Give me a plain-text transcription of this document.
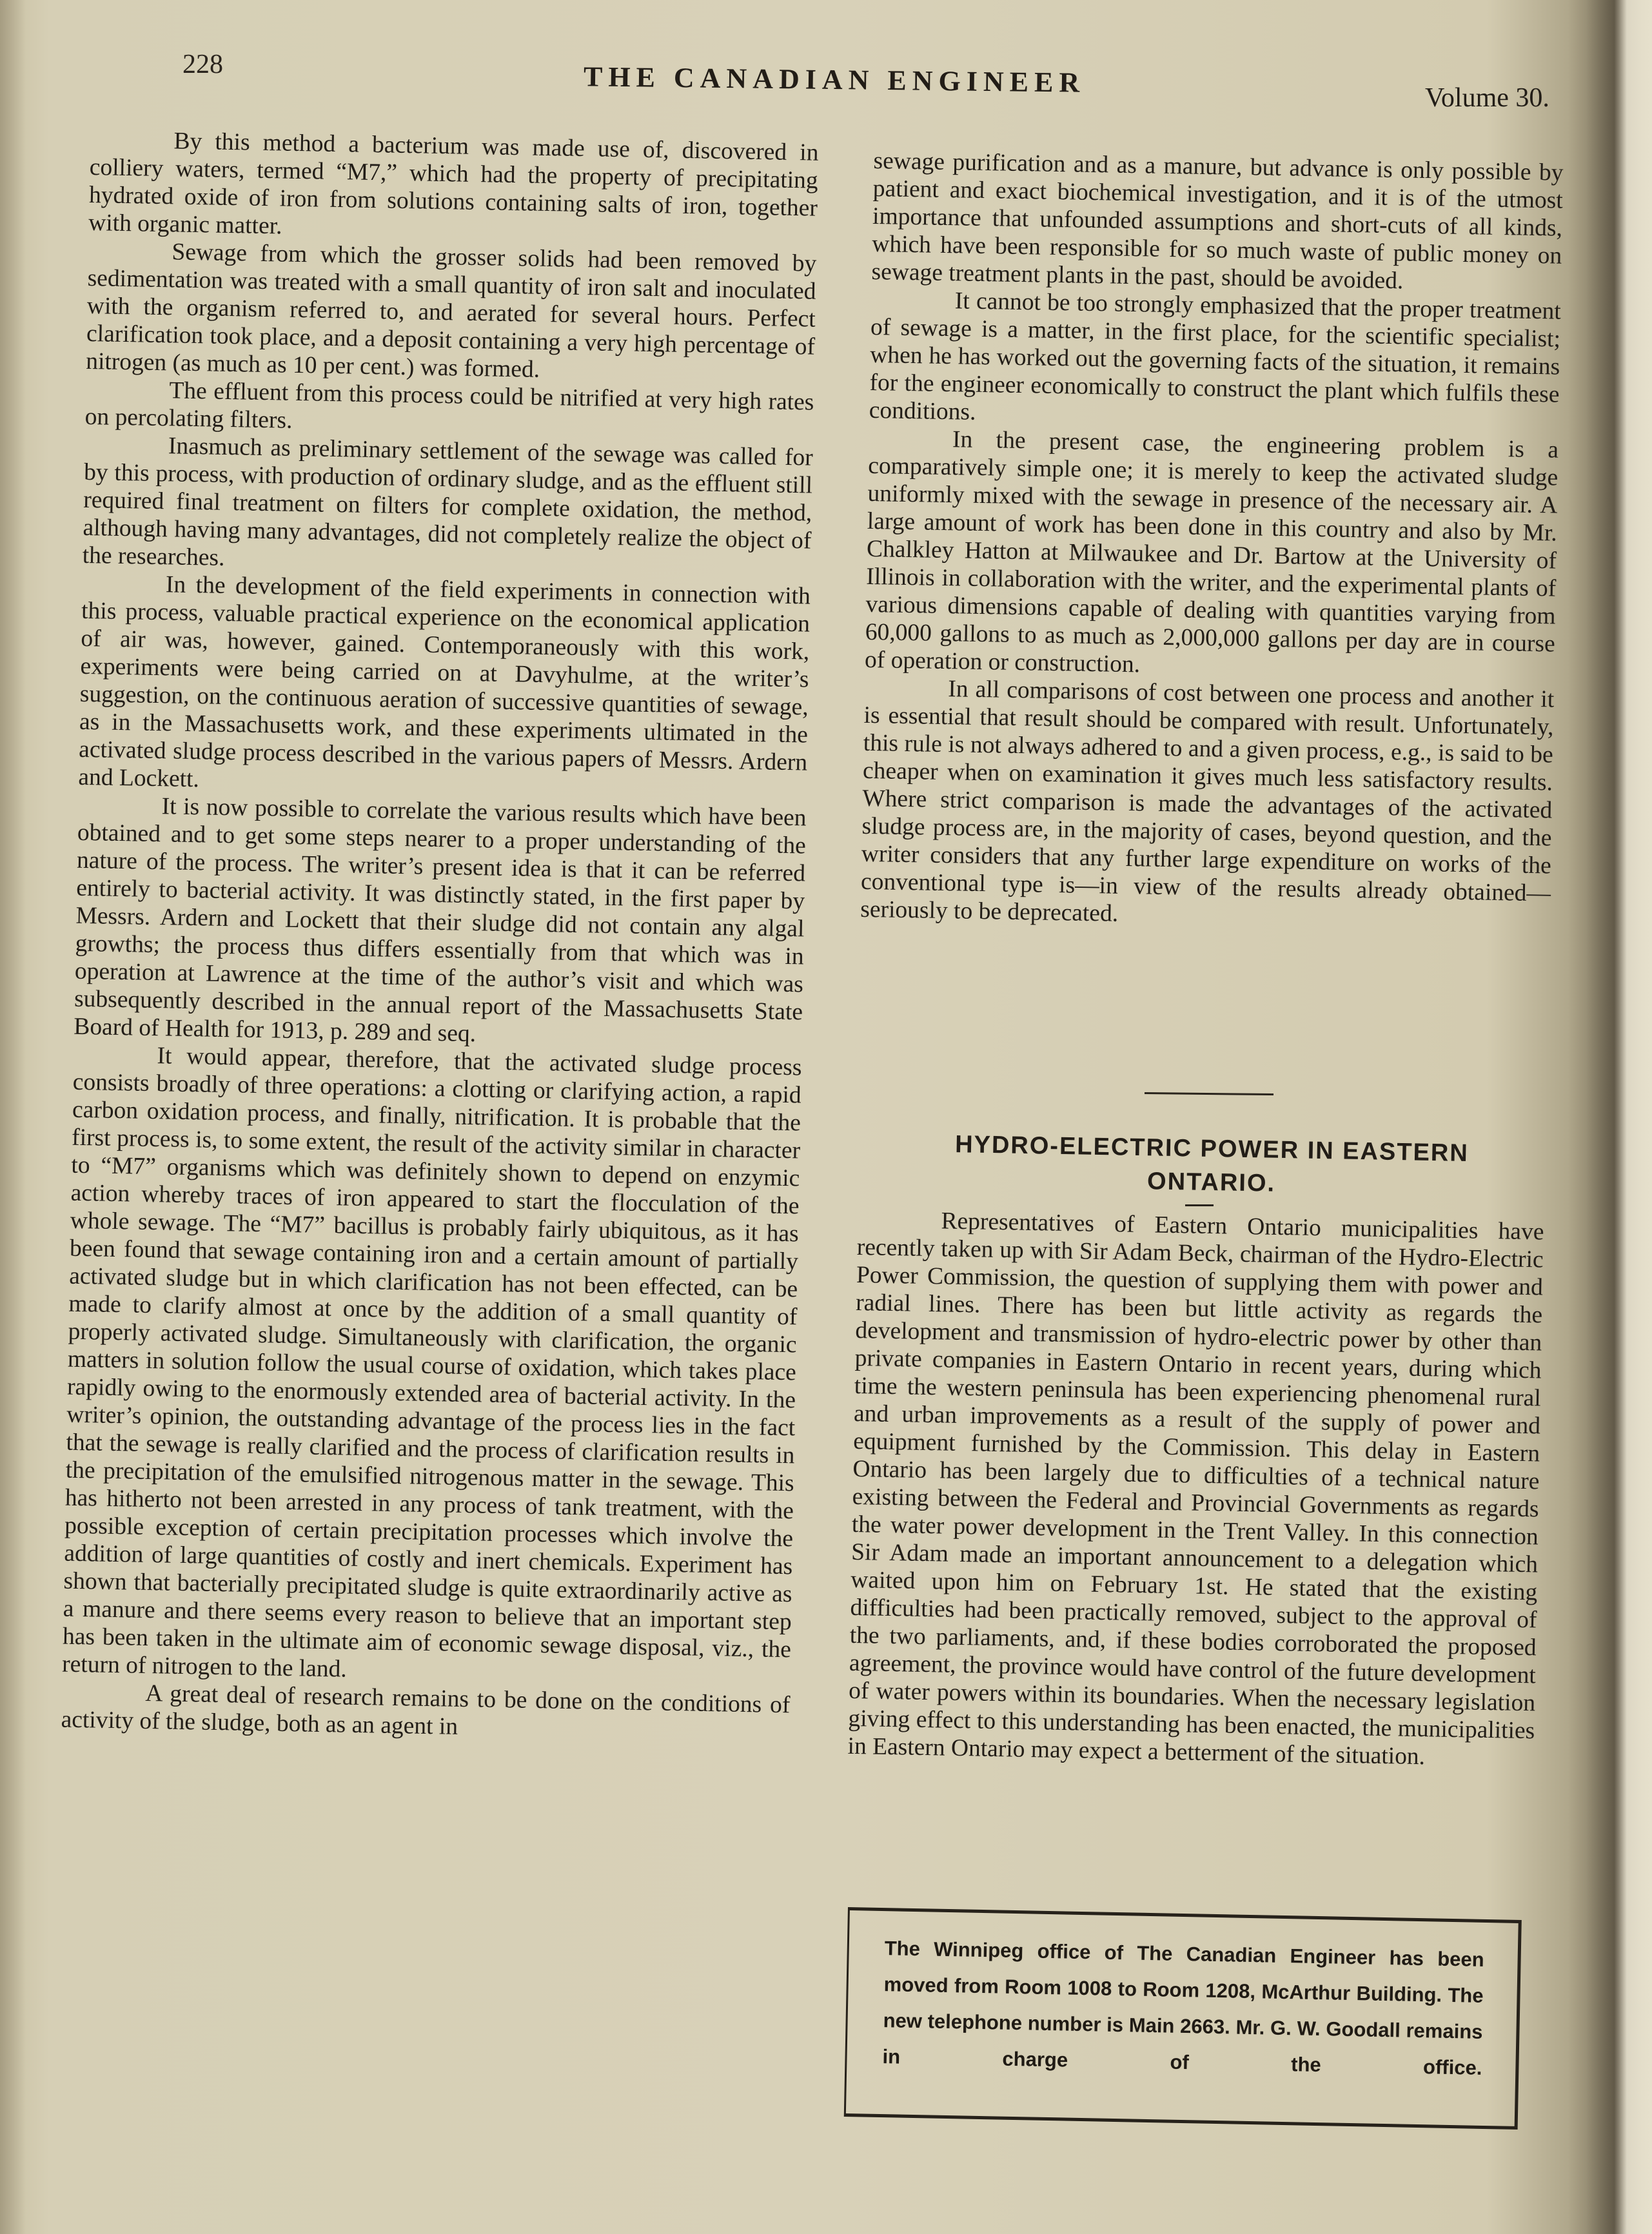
228	THE CANADIAN ENGINEER	Volume 30.

By this method a bacterium was made use of, discovered in colliery waters, termed “M7,” which had the property of precipitating hydrated oxide of iron from solutions containing salts of iron, together with organic matter.

Sewage from which the grosser solids had been removed by sedimentation was treated with a small quantity of iron salt and inoculated with the organism referred to, and aerated for several hours. Perfect clarification took place, and a deposit containing a very high percentage of nitrogen (as much as 10 per cent.) was formed.

The effluent from this process could be nitrified at very high rates on percolating filters.

Inasmuch as preliminary settlement of the sewage was called for by this process, with production of ordinary sludge, and as the effluent still required final treatment on filters for complete oxidation, the method, although having many advantages, did not completely realize the object of the researches.

In the development of the field experiments in connection with this process, valuable practical experience on the economical application of air was, however, gained. Contemporaneously with this work, experiments were being carried on at Davyhulme, at the writer’s suggestion, on the continuous aeration of successive quantities of sewage, as in the Massachusetts work, and these experiments ultimated in the activated sludge process described in the various papers of Messrs. Ardern and Lockett.

It is now possible to correlate the various results which have been obtained and to get some steps nearer to a proper understanding of the nature of the process. The writer’s present idea is that it can be referred entirely to bacterial activity. It was distinctly stated, in the first paper by Messrs. Ardern and Lockett that their sludge did not contain any algal growths; the process thus differs essentially from that which was in operation at Lawrence at the time of the author’s visit and which was subsequently described in the annual report of the Massachusetts State Board of Health for 1913, p. 289 and seq.

It would appear, therefore, that the activated sludge process consists broadly of three operations: a clotting or clarifying action, a rapid carbon oxidation process, and finally, nitrification. It is probable that the first process is, to some extent, the result of the activity similar in character to “M7” organisms which was definitely shown to depend on enzymic action whereby traces of iron appeared to start the flocculation of the whole sewage. The “M7” bacillus is probably fairly ubiquitous, as it has been found that sewage containing iron and a certain amount of partially activated sludge but in which clarification has not been effected, can be made to clarify almost at once by the addition of a small quantity of properly activated sludge. Simultaneously with clarification, the organic matters in solution follow the usual course of oxidation, which takes place rapidly owing to the enormously extended area of bacterial activity. In the writer’s opinion, the outstanding advantage of the process lies in the fact that the sewage is really clarified and the process of clarification results in the precipitation of the emulsified nitrogenous matter in the sewage. This has hitherto not been arrested in any process of tank treatment, with the possible exception of certain precipitation processes which involve the addition of large quantities of costly and inert chemicals. Experiment has shown that bacterially precipitated sludge is quite extraordinarily active as a manure and there seems every reason to believe that an important step has been taken in the ultimate aim of economic sewage disposal, viz., the return of nitrogen to the land.

A great deal of research remains to be done on the conditions of activity of the sludge, both as an agent in

sewage purification and as a manure, but advance is only possible by patient and exact biochemical investigation, and it is of the utmost importance that unfounded assumptions and short-cuts of all kinds, which have been responsible for so much waste of public money on sewage treatment plants in the past, should be avoided.

It cannot be too strongly emphasized that the proper treatment of sewage is a matter, in the first place, for the scientific specialist; when he has worked out the governing facts of the situation, it remains for the engineer economically to construct the plant which fulfils these conditions.

In the present case, the engineering problem is a comparatively simple one; it is merely to keep the activated sludge uniformly mixed with the sewage in presence of the necessary air. A large amount of work has been done in this country and also by Mr. Chalkley Hatton at Milwaukee and Dr. Bartow at the University of Illinois in collaboration with the writer, and the experimental plants of various dimensions capable of dealing with quantities varying from 60,000 gallons to as much as 2,000,000 gallons per day are in course of operation or construction.

In all comparisons of cost between one process and another it is essential that result should be compared with result. Unfortunately, this rule is not always adhered to and a given process, e.g., is said to be cheaper when on examination it gives much less satisfactory results. Where strict comparison is made the advantages of the activated sludge process are, in the majority of cases, beyond question, and the writer considers that any further large expenditure on works of the conventional type is—in view of the results already obtained—seriously to be deprecated.

HYDRO-ELECTRIC POWER IN EASTERN ONTARIO.

Representatives of Eastern Ontario municipalities have recently taken up with Sir Adam Beck, chairman of the Hydro-Electric Power Commission, the question of supplying them with power and radial lines. There has been but little activity as regards the development and transmission of hydro-electric power by other than private companies in Eastern Ontario in recent years, during which time the western peninsula has been experiencing phenomenal rural and urban improvements as a result of the supply of power and equipment furnished by the Commission. This delay in Eastern Ontario has been largely due to difficulties of a technical nature existing between the Federal and Provincial Governments as regards the water power development in the Trent Valley. In this connection Sir Adam made an important announcement to a delegation which waited upon him on February 1st. He stated that the existing difficulties had been practically removed, subject to the approval of the two parliaments, and, if these bodies corroborated the proposed agreement, the province would have control of the future development of water powers within its boundaries. When the necessary legislation giving effect to this understanding has been enacted, the municipalities in Eastern Ontario may expect a betterment of the situation.

The Winnipeg office of The Canadian Engineer has been moved from Room 1008 to Room 1208, McArthur Building. The new telephone number is Main 2663. Mr. G. W. Goodall remains in charge of the office.
